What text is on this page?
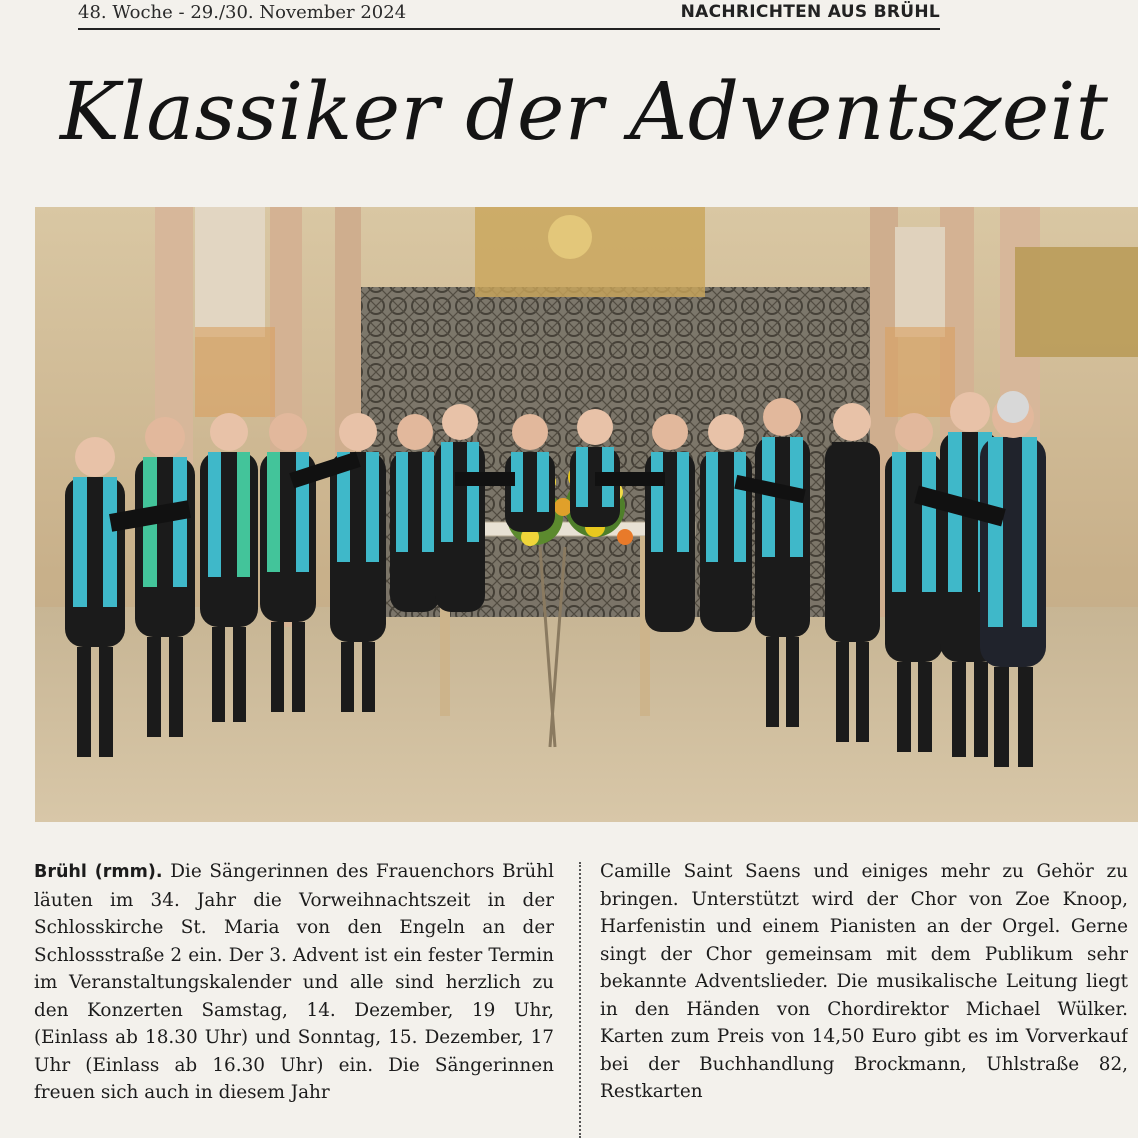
48. Woche - 29./30. November 2024	NACHRICHTEN AUS BRÜHL
Klassiker der Adventszeit

Brühl (rmm). Die Sängerinnen des Frauenchors Brühl läuten im 34. Jahr die Vorweihnachtszeit in der Schlosskirche St. Maria von den Engeln an der Schlossstraße 2 ein. Der 3. Advent ist ein fester Termin im Veranstaltungskalender und alle sind herzlich zu den Konzerten Samstag, 14. Dezember, 19 Uhr, (Einlass ab 18.30 Uhr) und Sonntag, 15. Dezember, 17 Uhr (Einlass ab 16.30 Uhr) ein. Die Sängerinnen freuen sich auch in diesem Jahr

Camille Saint Saens und einiges mehr zu Gehör zu bringen. Unterstützt wird der Chor von Zoe Knoop, Harfenistin und einem Pianisten an der Orgel. Gerne singt der Chor gemeinsam mit dem Publikum sehr bekannte Adventslieder. Die musikalische Leitung liegt in den Händen von Chordirektor Michael Wülker. Karten zum Preis von 14,50 Euro gibt es im Vorverkauf bei der Buchhandlung Brockmann, Uhlstraße 82, Restkarten
